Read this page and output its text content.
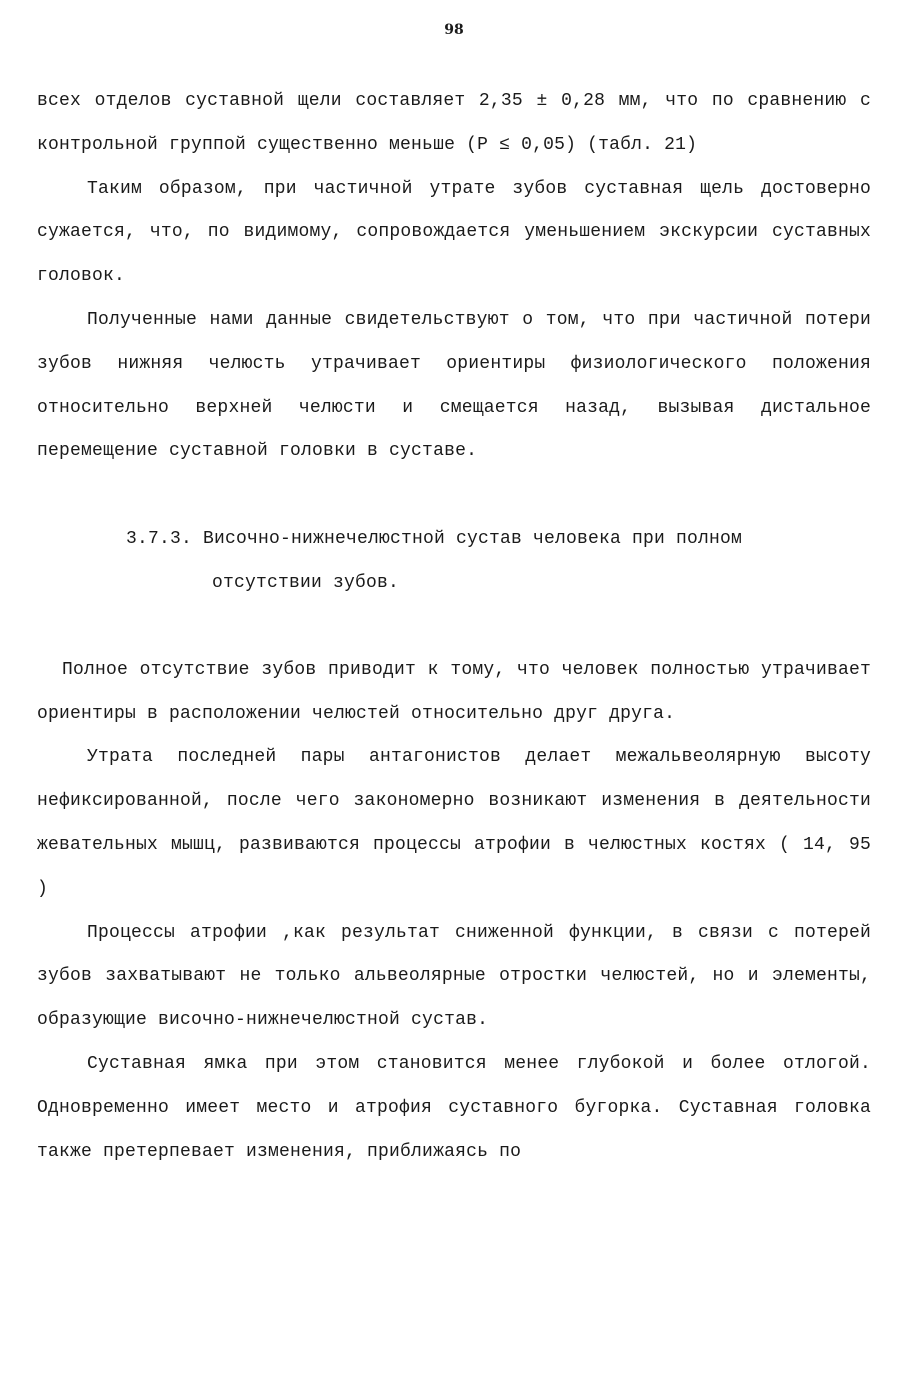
98

всех отделов суставной щели составляет 2,35 ± 0,28 мм, что по сравнению с контрольной группой существенно меньше (Р ≤ 0,05) (табл. 21)

Таким образом, при частичной утрате зубов суставная щель достоверно сужается, что, по видимому, сопровождается уменьшением экскурсии суставных головок.

Полученные нами данные свидетельствуют о том, что при частичной потери зубов нижняя челюсть утрачивает ориентиры физиологического положения относительно верхней челюсти и смещается назад, вызывая дистальное перемещение суставной головки в суставе.

3.7.3. Височно-нижнечелюстной сустав человека при полном

отсутствии зубов.

Полное отсутствие зубов приводит к тому, что человек полностью утрачивает ориентиры в расположении челюстей относительно друг друга.

Утрата последней пары антагонистов делает межальвеолярную высоту нефиксированной, после чего закономерно возникают изменения в деятельности жевательных мышц, развиваются процессы атрофии в челюстных костях ( 14, 95 )

Процессы атрофии ,как результат сниженной функции, в связи с потерей зубов захватывают не только альвеолярные отростки челюстей, но и элементы, образующие височно-нижнечелюстной сустав.

Суставная ямка при этом становится менее глубокой и более отлогой. Одновременно имеет место и атрофия суставного бугорка. Суставная головка также претерпевает изменения, приближаясь по
